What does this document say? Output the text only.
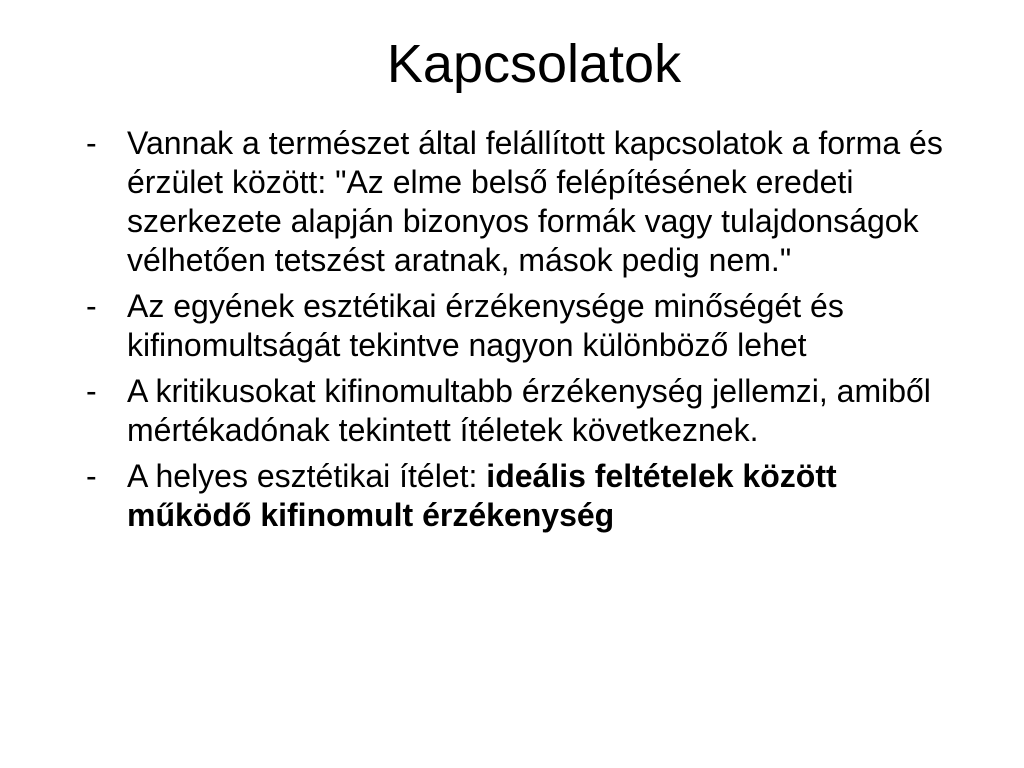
Kapcsolatok
- Vannak a természet által felállított kapcsolatok a forma és érzület között: "Az elme belső felépítésének eredeti szerkezete alapján bizonyos formák vagy tulajdonságok vélhetően tetszést aratnak, mások pedig nem."
- Az egyének esztétikai érzékenysége minőségét és kifinomultságát tekintve nagyon különböző lehet
- A kritikusokat kifinomultabb érzékenység jellemzi, amiből mértékadónak tekintett ítéletek következnek.
- A helyes esztétikai ítélet: ideális feltételek között működő kifinomult érzékenység
